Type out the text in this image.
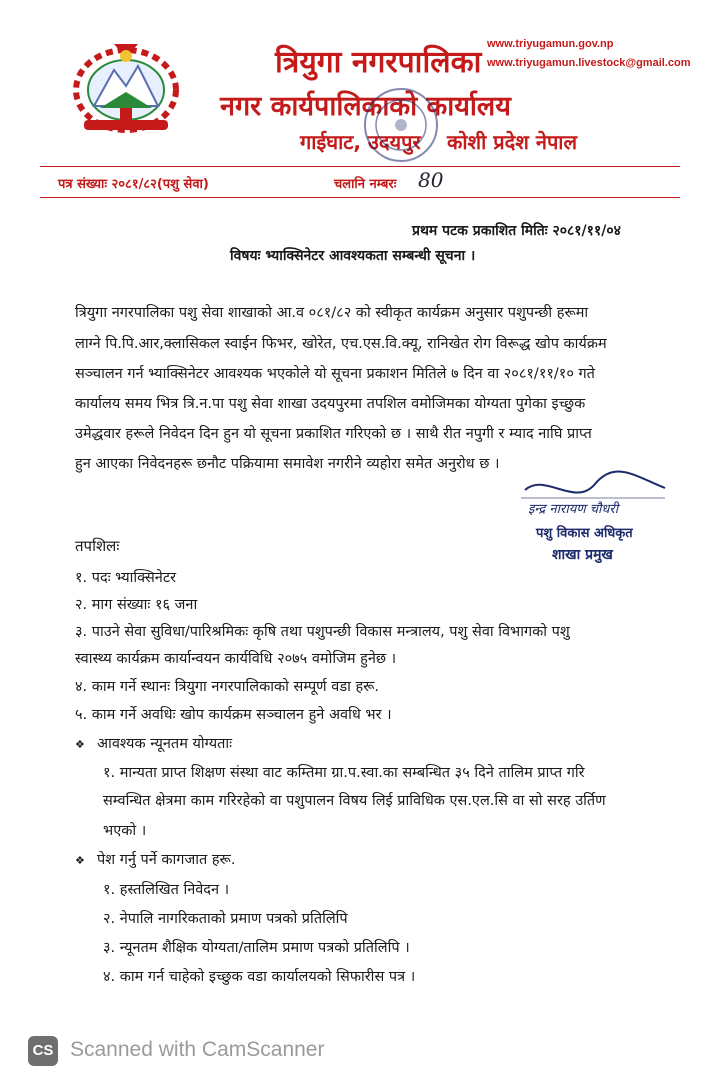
त्रियुगा नगरपालिका
नगर कार्यपालिकाको कार्यालय
गाईघाट, उदयपुर कोशी प्रदेश नेपाल
www.triyugamun.gov.np
www.triyugamun.livestock@gmail.com
पत्र संख्याः २०८१/८२(पशु सेवा)	चलानि नम्बरः 80
प्रथम पटक प्रकाशित मितिः २०८१/११/०४
विषयः भ्याक्सिनेटर आवश्यकता सम्बन्धी सूचना ।
त्रियुगा नगरपालिका पशु सेवा शाखाको आ.व ०८१/८२ को स्वीकृत कार्यक्रम अनुसार पशुपन्छी हरूमा
लाग्ने पि.पि.आर,क्लासिकल स्वाईन फिभर, खोरेत, एच.एस.वि.क्यू, रानिखेत रोग विरूद्ध खोप कार्यक्रम
सञ्चालन गर्न भ्याक्सिनेटर आवश्यक भएकोले यो सूचना प्रकाशन मितिले ७ दिन वा २०८१/११/१० गते
कार्यालय समय भित्र त्रि.न.पा पशु सेवा शाखा उदयपुरमा तपशिल वमोजिमका योग्यता पुगेका इच्छुक
उमेद्धवार हरूले निवेदन दिन हुन यो सूचना प्रकाशित गरिएको छ । साथै रीत नपुगी र म्याद नाघि प्राप्त
हुन आएका निवेदनहरू छनौट पक्रियामा समावेश नगरीने व्यहोरा समेत अनुरोध छ ।
इन्द्र नारायण चौधरी
पशु विकास अधिकृत
शाखा प्रमुख
तपशिलः
१. पदः भ्याक्सिनेटर
२. माग संख्याः १६ जना
३. पाउने सेवा सुविधा/पारिश्रमिकः कृषि तथा पशुपन्छी विकास मन्त्रालय, पशु सेवा विभागको पशु
स्वास्थ्य कार्यक्रम कार्यान्वयन कार्यविधि २०७५ वमोजिम हुनेछ ।
४. काम गर्ने स्थानः त्रियुगा नगरपालिकाको सम्पूर्ण वडा हरू.
५. काम गर्ने अवधिः खोप कार्यक्रम सञ्चालन हुने अवधि भर ।
❖ आवश्यक न्यूनतम योग्यताः
१. मान्यता प्राप्त शिक्षण संस्था वाट कम्तिमा ग्रा.प.स्वा.का सम्बन्धित ३५ दिने तालिम प्राप्त गरि
सम्वन्धित क्षेत्रमा काम गरिरहेको वा पशुपालन विषय लिई प्राविधिक एस.एल.सि वा सो सरह उर्तिण
भएको ।
❖ पेश गर्नु पर्ने कागजात हरू.
१. हस्तलिखित निवेदन ।
२. नेपालि नागरिकताको प्रमाण पत्रको प्रतिलिपि
३. न्यूनतम शैक्षिक योग्यता/तालिम प्रमाण पत्रको प्रतिलिपि ।
४. काम गर्न चाहेको इच्छुक वडा कार्यालयको सिफारीस पत्र ।
CS Scanned with CamScanner
